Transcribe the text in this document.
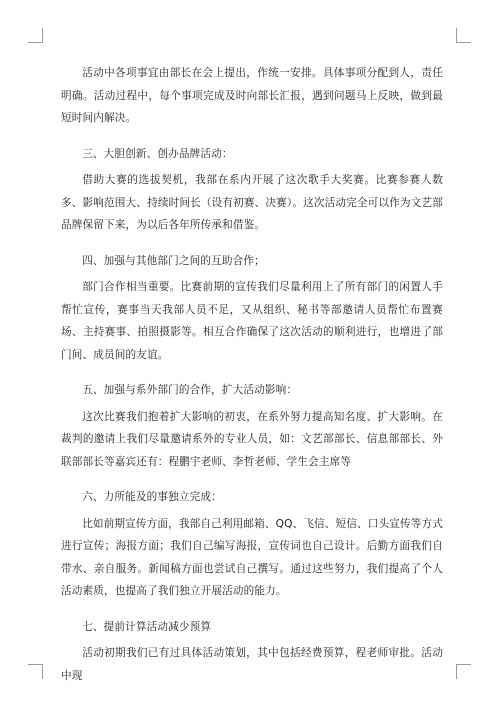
活动中各项事宜由部长在会上提出，作统一安排。具体事项分配到人，责任明确。活动过程中，每个事项完成及时向部长汇报，遇到问题马上反映，做到最短时间内解决。

三、大胆创新、创办品牌活动：

借助大赛的选拔契机，我部在系内开展了这次歌手大奖赛。比赛参赛人数多、影响范围大、持续时间长（设有初赛、决赛）。这次活动完全可以作为文艺部品牌保留下来，为以后各年所传承和借鉴。

四、加强与其他部门之间的互助合作；

部门合作相当重要。比赛前期的宣传我们尽量利用上了所有部门的闲置人手帮忙宣传，赛事当天我部人员不足，又从组织、秘书等部邀请人员帮忙布置赛场、主持赛事、拍照摄影等。相互合作确保了这次活动的顺利进行，也增进了部门间、成员间的友谊。

五、加强与系外部门的合作，扩大活动影响：

这次比赛我们抱着扩大影响的初衷，在系外努力提高知名度、扩大影响。在裁判的邀请上我们尽量邀请系外的专业人员，如：文艺部部长、信息部部长、外联部部长等嘉宾还有：程鹏宇老师、李哲老师、学生会主席等

六、力所能及的事独立完成：

比如前期宣传方面，我部自己利用邮箱、QQ、飞信、短信、口头宣传等方式进行宣传；海报方面；我们自己编写海报，宣传词也自己设计。后勤方面我们自带水、亲自服务。新闻稿方面也尝试自己撰写。通过这些努力，我们提高了个人活动素质，也提高了我们独立开展活动的能力。

七、提前计算活动减少预算

活动初期我们已有过具体活动策划，其中包括经费预算，程老师审批。活动中现
